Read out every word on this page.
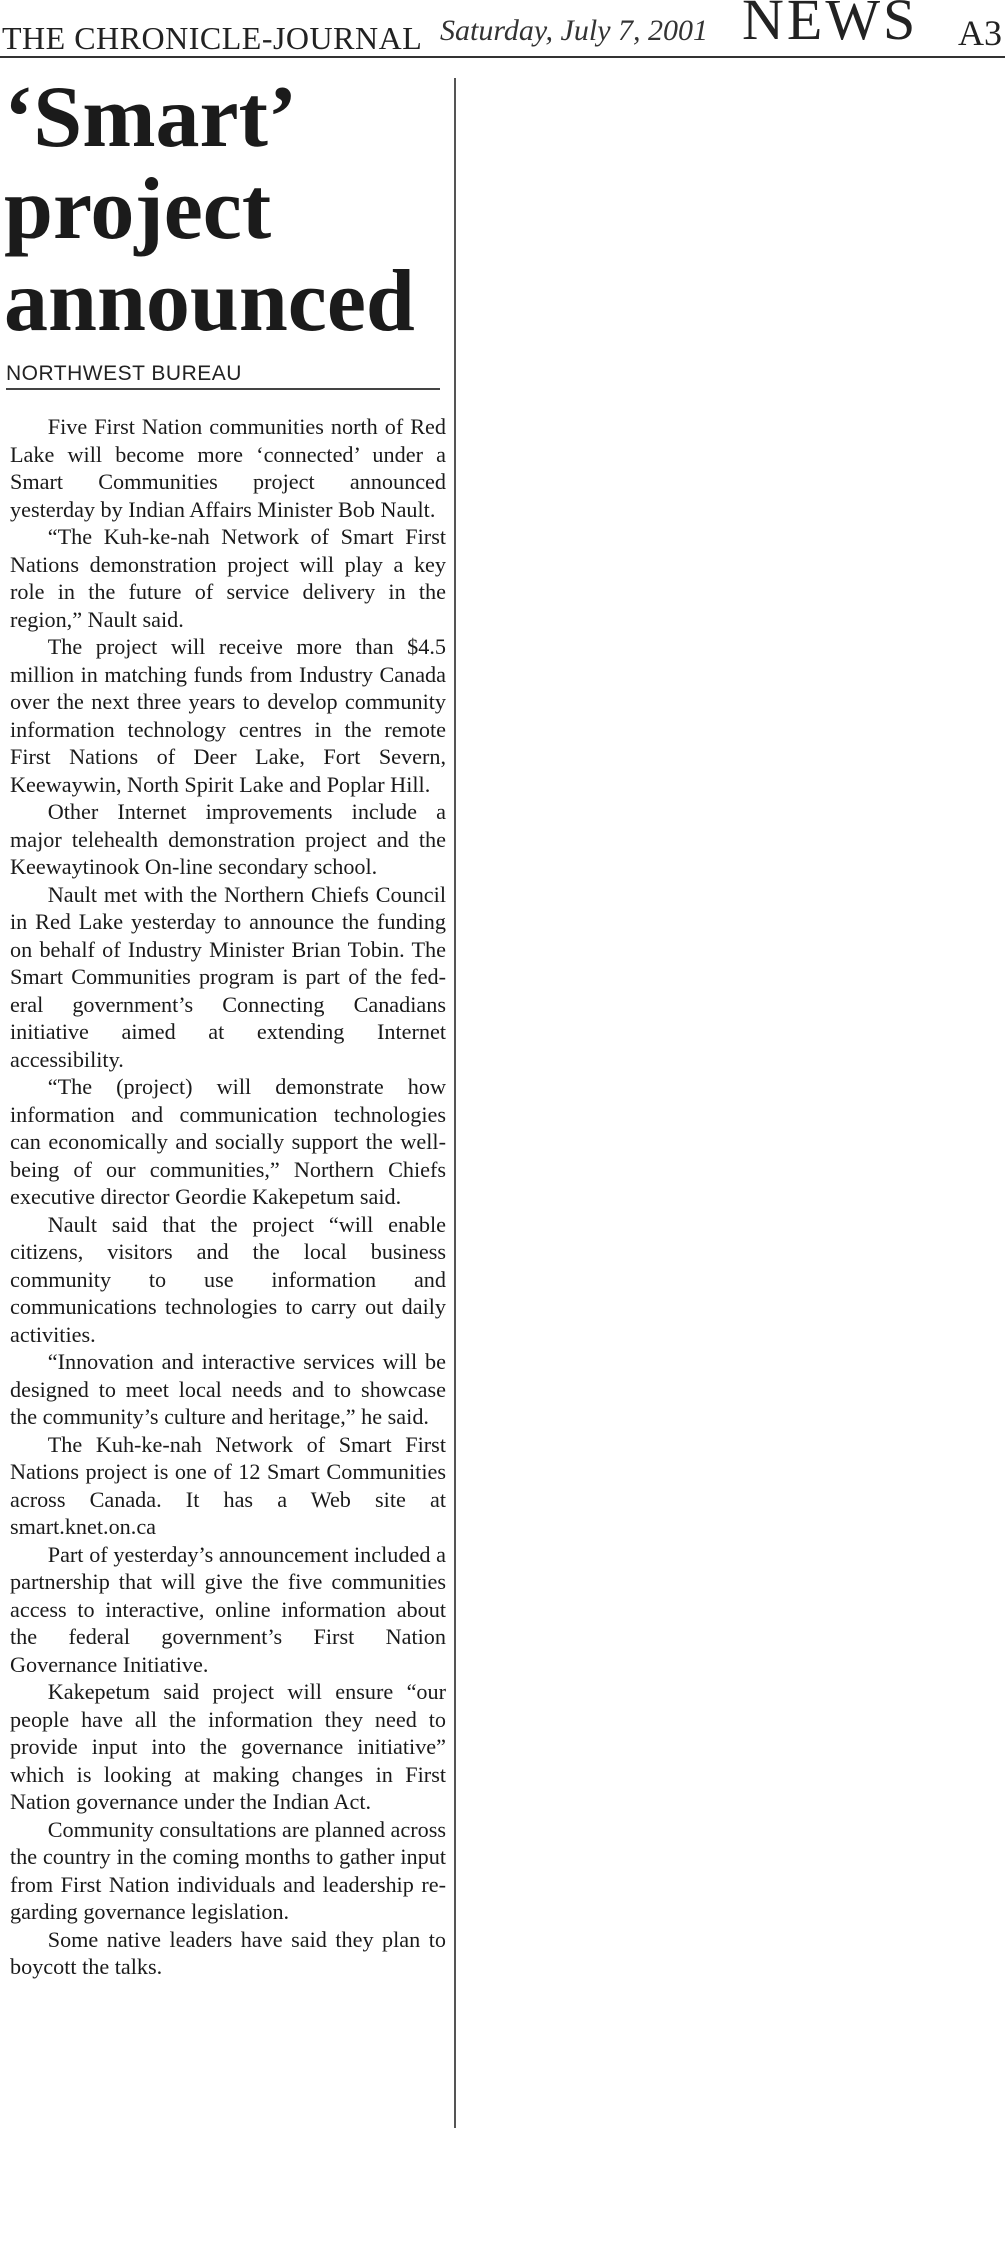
THE CHRONICLE-JOURNAL Saturday, July 7, 2001 NEWS A3
‘Smart’ project announced
NORTHWEST BUREAU

Five First Nation communities north of Red Lake will become more ‘connected’ under a Smart Communities project announced yesterday by Indian Affairs Minister Bob Nault.

“The Kuh-ke-nah Network of Smart First Nations demonstration project will play a key role in the future of service delivery in the region,” Nault said.

The project will receive more than $4.5 million in matching funds from Industry Canada over the next three years to develop community information technology centres in the remote First Nations of Deer Lake, Fort Severn, Keewaywin, North Spirit Lake and Poplar Hill.

Other Internet improvements include a major telehealth demonstration project and the Keewaytinook On-line secondary school.

Nault met with the Northern Chiefs Council in Red Lake yesterday to announce the funding on behalf of Industry Minister Brian Tobin. The Smart Communities program is part of the federal government’s Connecting Canadians initiative aimed at extending Internet accessibility.

“The (project) will demonstrate how information and communication technologies can economically and socially support the well-being of our communities,” Northern Chiefs executive director Geordie Kakepetum said.

Nault said that the project “will enable citizens, visitors and the local business community to use information and communications technologies to carry out daily activities.

“Innovation and interactive services will be designed to meet local needs and to showcase the community’s culture and heritage,” he said.

The Kuh-ke-nah Network of Smart First Nations project is one of 12 Smart Communities across Canada. It has a Web site at smart.knet.on.ca

Part of yesterday’s announcement included a partnership that will give the five communities access to interactive, online information about the federal government’s First Nation Governance Initiative.

Kakepetum said project will ensure “our people have all the information they need to provide input into the governance initiative” which is looking at making changes in First Nation governance under the Indian Act.

Community consultations are planned across the country in the coming months to gather input from First Nation individuals and leadership regarding governance legislation.

Some native leaders have said they plan to boycott the talks.
